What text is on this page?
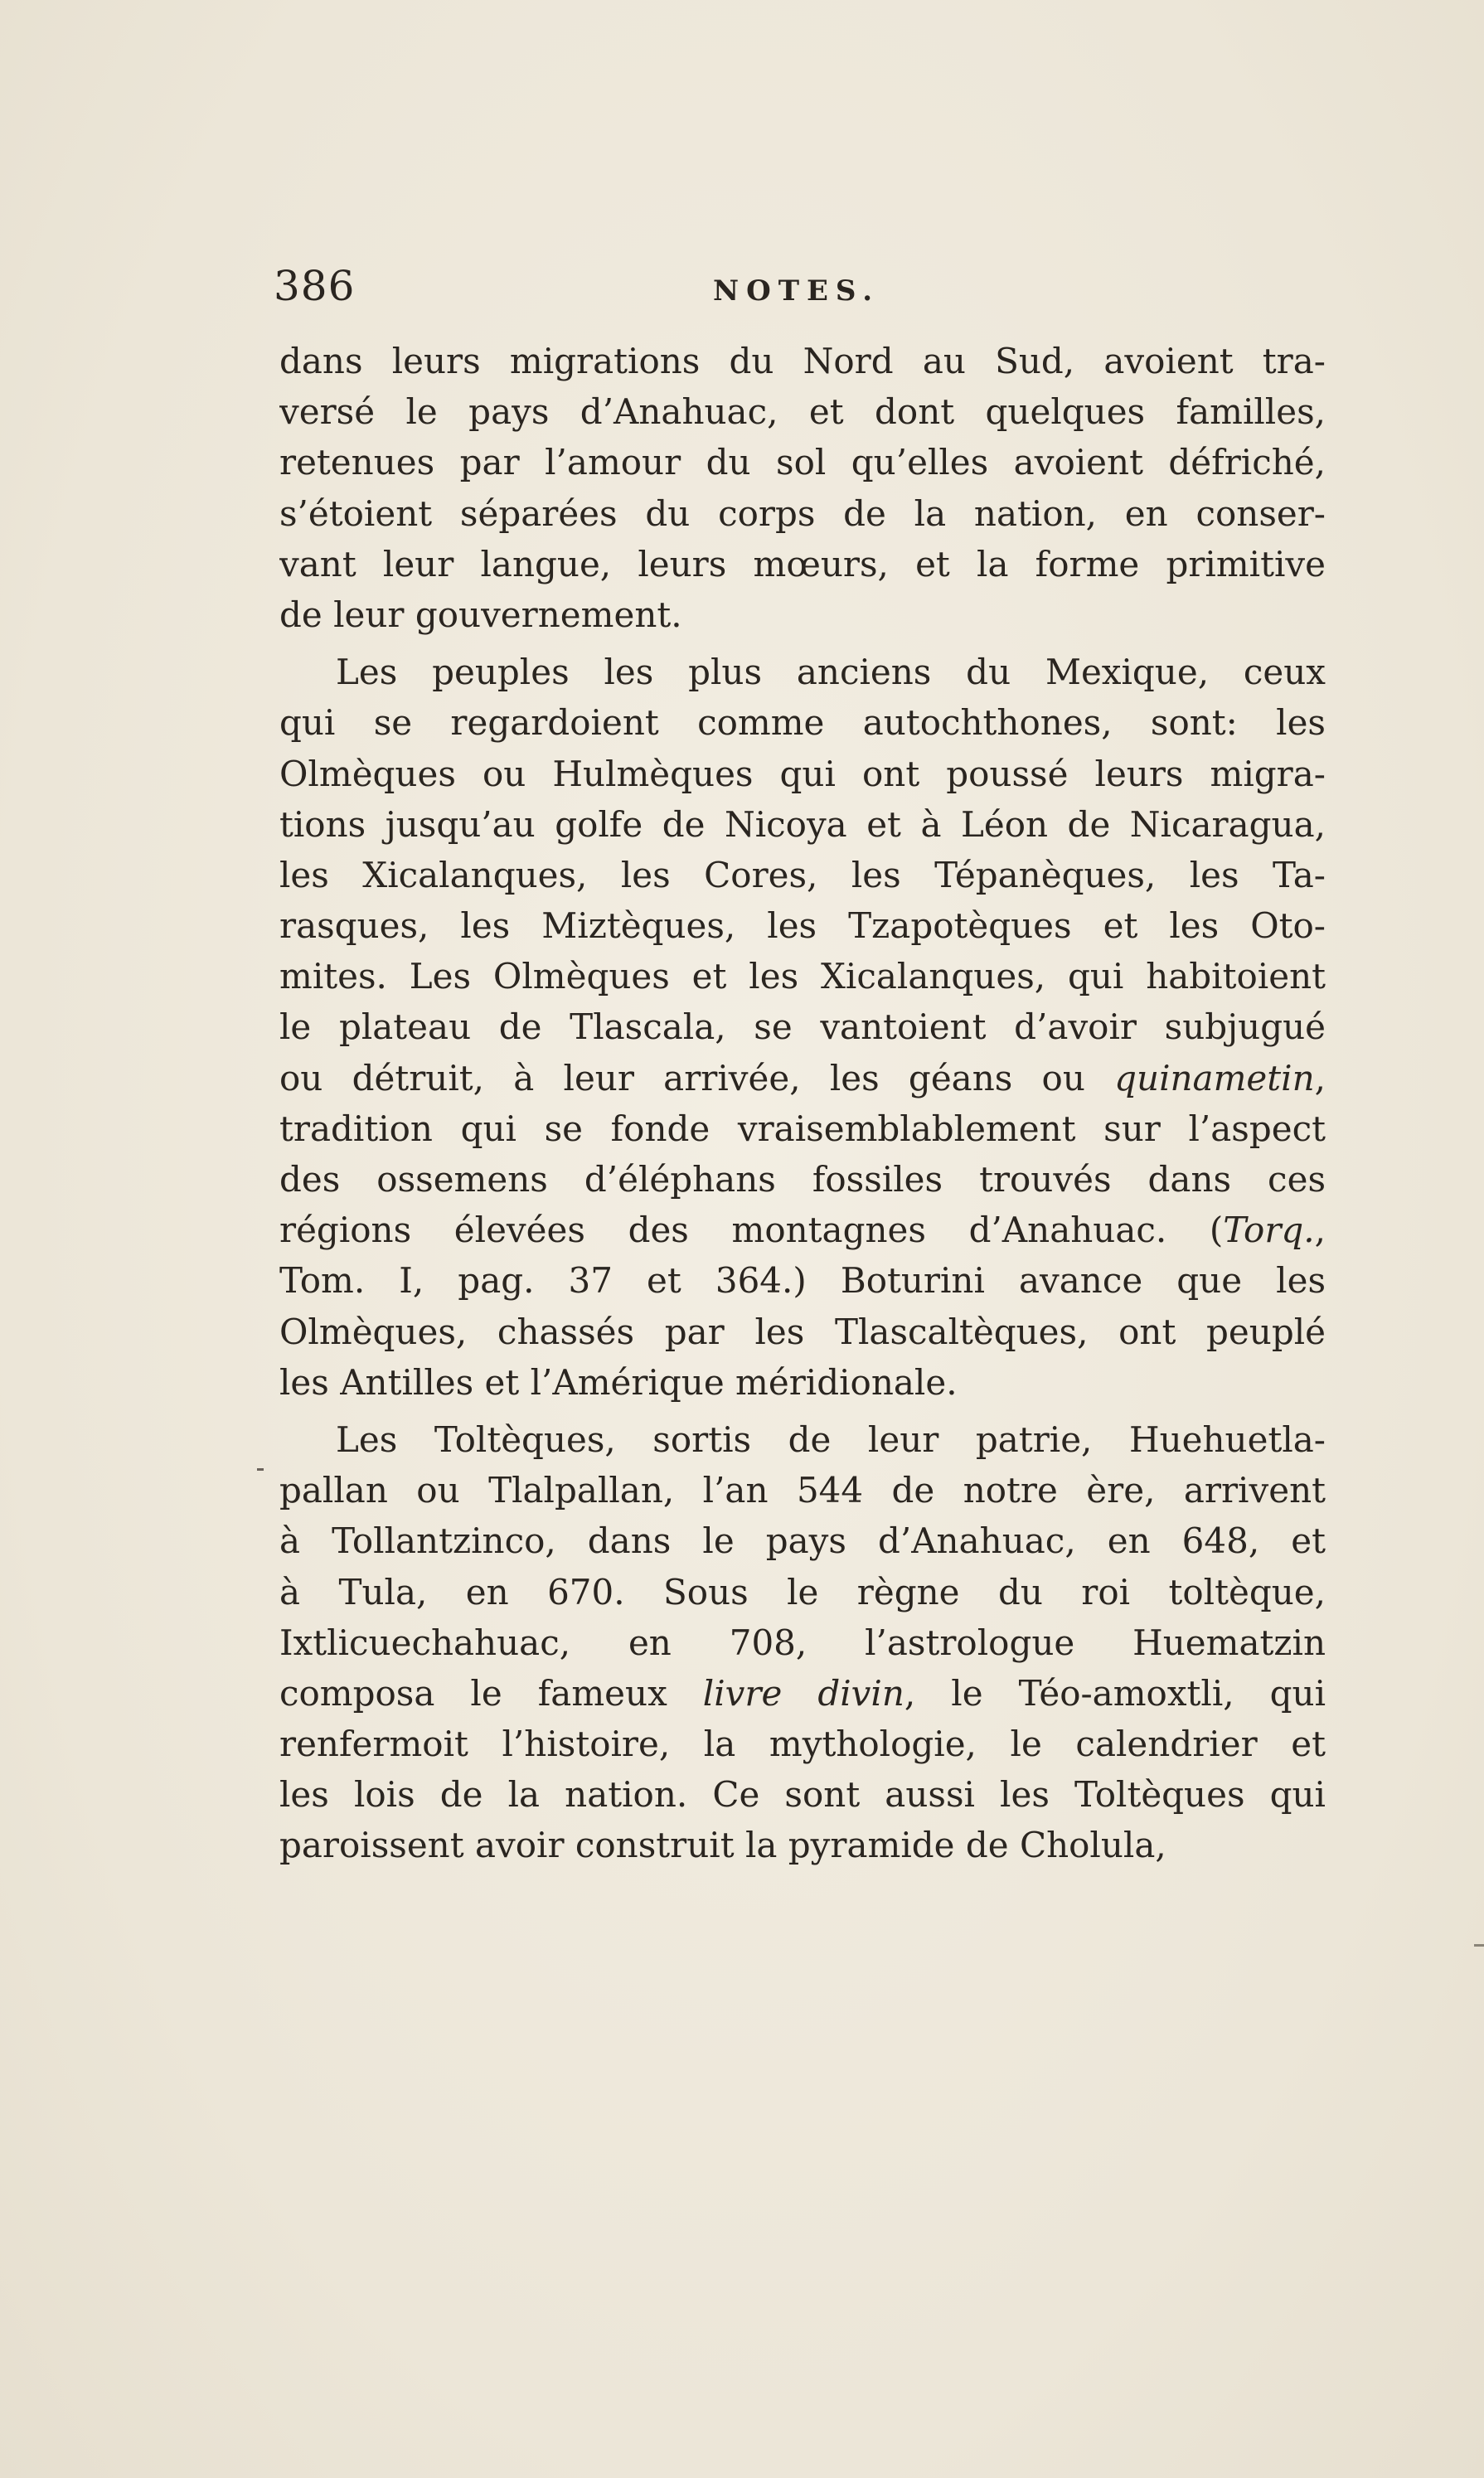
386	NOTES.
dans leurs migrations du Nord au Sud, avoient tra-
versé le pays d’Anahuac, et dont quelques familles,
retenues par l’amour du sol qu’elles avoient défriché,
s’étoient séparées du corps de la nation, en conser-
vant leur langue, leurs mœurs, et la forme primitive
de leur gouvernement.
Les peuples les plus anciens du Mexique, ceux
qui se regardoient comme autochthones, sont: les
Olmèques ou Hulmèques qui ont poussé leurs migra-
tions jusqu’au golfe de Nicoya et à Léon de Nicaragua,
les Xicalanques, les Cores, les Tépanèques, les Ta-
rasques, les Miztèques, les Tzapotèques et les Oto-
mites. Les Olmèques et les Xicalanques, qui habitoient
le plateau de Tlascala, se vantoient d’avoir subjugué
ou détruit, à leur arrivée, les géans ou quinametin,
tradition qui se fonde vraisemblablement sur l’aspect
des ossemens d’éléphans fossiles trouvés dans ces
régions élevées des montagnes d’Anahuac. (Torq.,
Tom. I, pag. 37 et 364.) Boturini avance que les
Olmèques, chassés par les Tlascaltèques, ont peuplé
les Antilles et l’Amérique méridionale.
Les Toltèques, sortis de leur patrie, Huehuetla-
pallan ou Tlalpallan, l’an 544 de notre ère, arrivent
à Tollantzinco, dans le pays d’Anahuac, en 648, et
à Tula, en 670. Sous le règne du roi toltèque,
Ixtlicuechahuac, en 708, l’astrologue Huematzin
composa le fameux livre divin, le Téo-amoxtli, qui
renfermoit l’histoire, la mythologie, le calendrier et
les lois de la nation. Ce sont aussi les Toltèques qui
paroissent avoir construit la pyramide de Cholula,
